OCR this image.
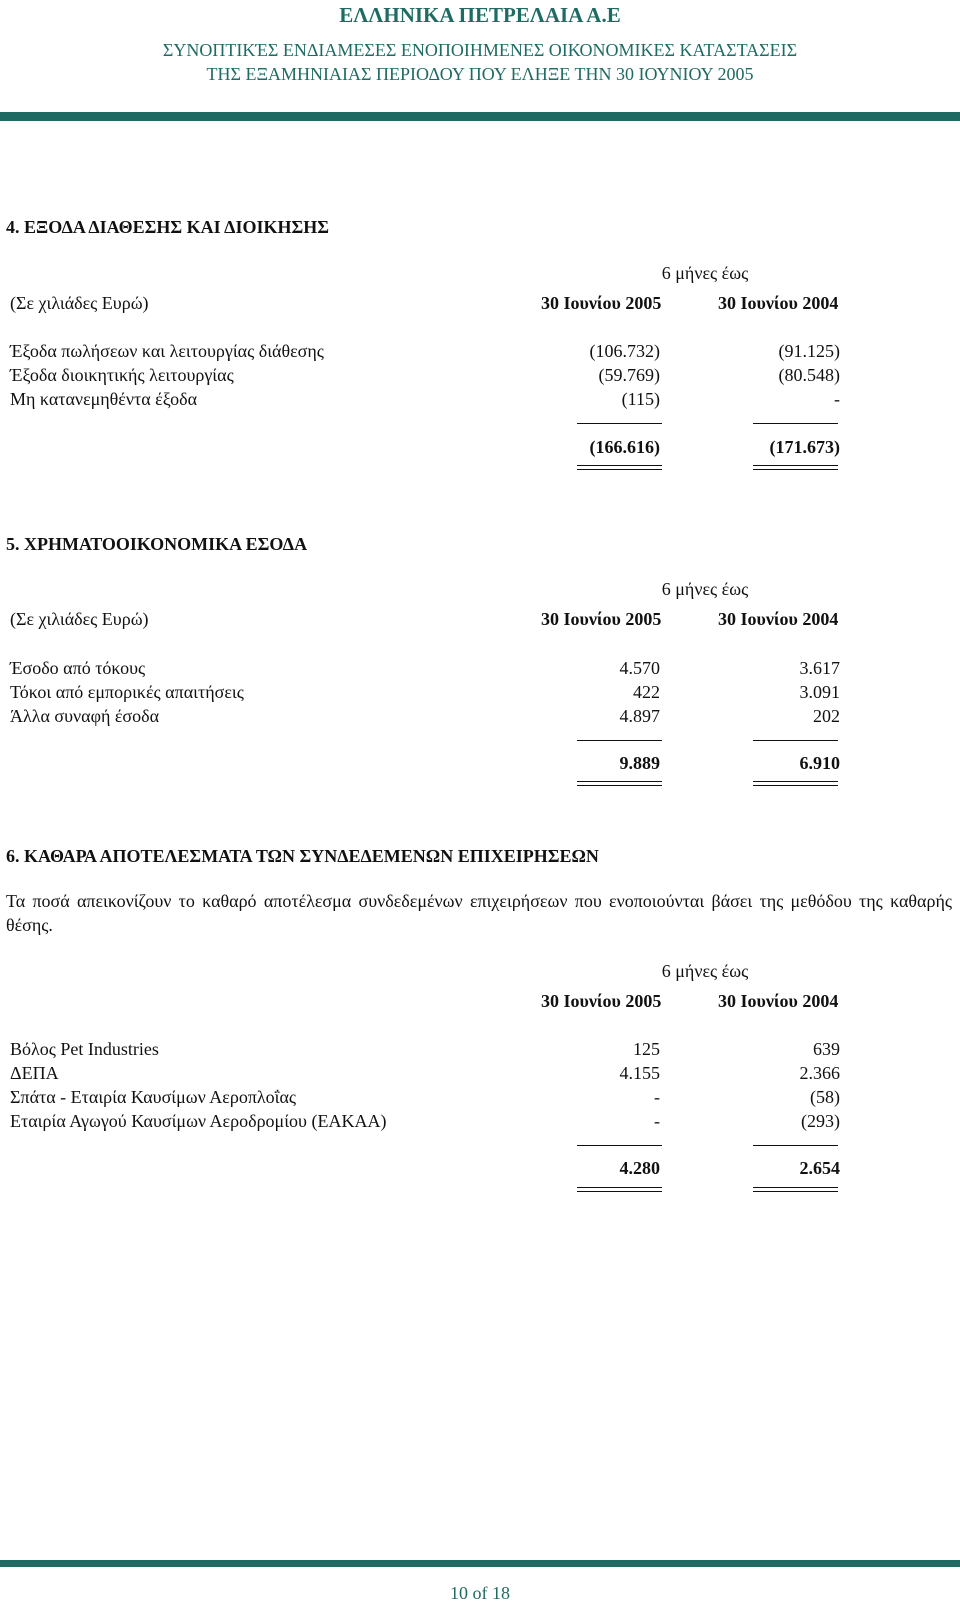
ΕΛΛΗΝΙΚΑ ΠΕΤΡΕΛΑΙΑ Α.Ε
ΣΥΝΟΠΤΙΚΈΣ ΕΝΔΙΑΜΕΣΕΣ ΕΝΟΠΟΙΗΜΕΝΕΣ ΟΙΚΟΝΟΜΙΚΕΣ ΚΑΤΑΣΤΑΣΕΙΣ
ΤΗΣ ΕΞΑΜΗΝΙΑΙΑΣ ΠΕΡΙΟΔΟΥ ΠΟΥ ΕΛΗΞΕ ΤΗΝ 30 ΙΟΥΝΙΟΥ 2005
4. ΕΞΟΔΑ ΔΙΑΘΕΣΗΣ ΚΑΙ ΔΙΟΙΚΗΣΗΣ
6 μήνες έως
(Σε χιλιάδες Ευρώ)	30 Ιουνίου 2005	30 Ιουνίου 2004
Έξοδα πωλήσεων και λειτουργίας διάθεσης	(106.732)	(91.125)
Έξοδα διοικητικής λειτουργίας	(59.769)	(80.548)
Μη κατανεμηθέντα έξοδα	(115)	-
(166.616)	(171.673)
5. ΧΡΗΜΑΤΟΟΙΚΟΝΟΜΙΚΑ ΕΣΟΔΑ
6 μήνες έως
(Σε χιλιάδες Ευρώ)	30 Ιουνίου 2005	30 Ιουνίου 2004
Έσοδο από τόκους	4.570	3.617
Τόκοι από εμπορικές απαιτήσεις	422	3.091
Άλλα συναφή έσοδα	4.897	202
9.889	6.910
6. ΚΑΘΑΡΑ ΑΠΟΤΕΛΕΣΜΑΤΑ ΤΩΝ ΣΥΝΔΕΔΕΜΕΝΩΝ ΕΠΙΧΕΙΡΗΣΕΩΝ
Τα ποσά απεικονίζουν το καθαρό αποτέλεσμα συνδεδεμένων επιχειρήσεων που ενοποιούνται βάσει της μεθόδου της καθαρής θέσης.
6 μήνες έως
30 Ιουνίου 2005	30 Ιουνίου 2004
Βόλος Pet Industries	125	639
ΔΕΠΑ	4.155	2.366
Σπάτα - Εταιρία Καυσίμων Αεροπλοΐας	-	(58)
Εταιρία Αγωγού Καυσίμων Αεροδρομίου (ΕΑΚΑΑ)	-	(293)
4.280	2.654
10 of 18
